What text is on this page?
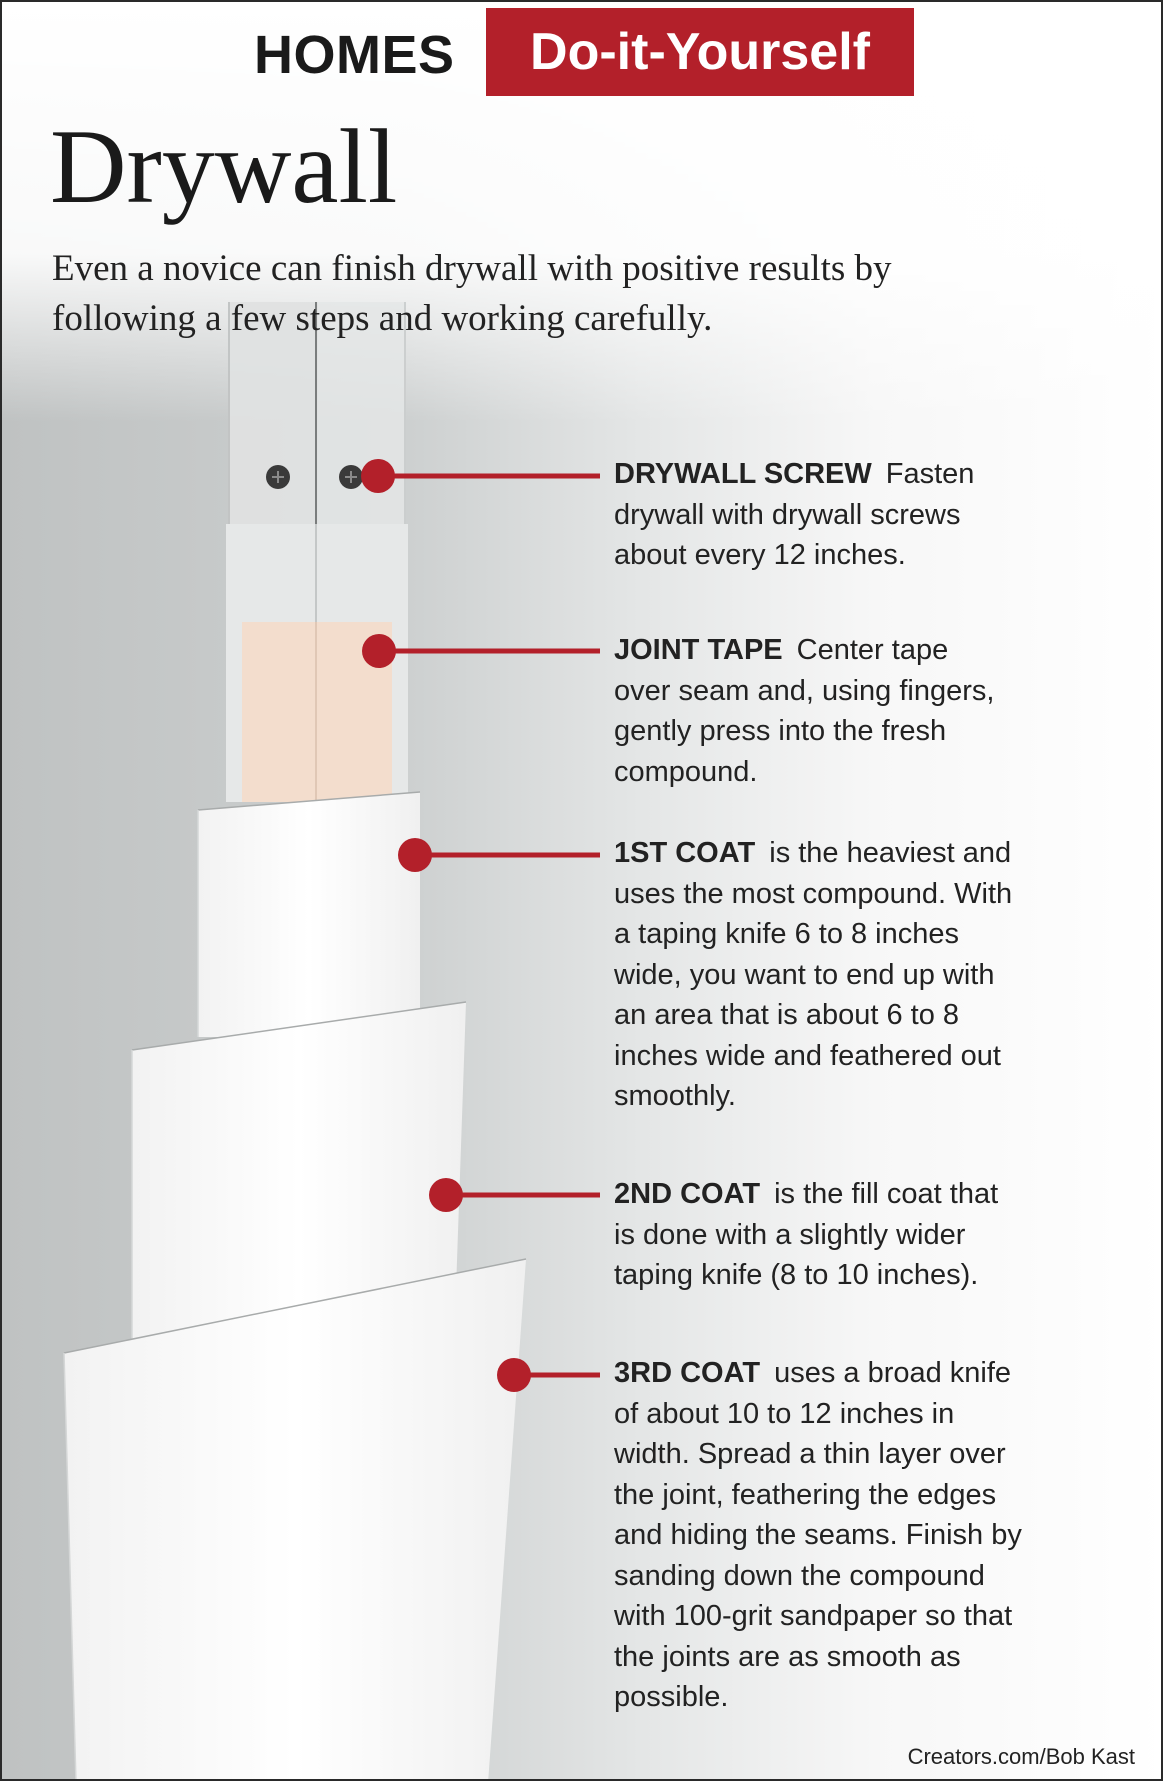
HOMES	Do-it-Yourself
Drywall
Even a novice can finish drywall with positive results by
following a few steps and working carefully.
DRYWALL SCREW Fasten
drywall with drywall screws
about every 12 inches.
JOINT TAPE Center tape
over seam and, using fingers,
gently press into the fresh
compound.
1ST COAT is the heaviest and
uses the most compound. With
a taping knife 6 to 8 inches
wide, you want to end up with
an area that is about 6 to 8
inches wide and feathered out
smoothly.
2ND COAT is the fill coat that
is done with a slightly wider
taping knife (8 to 10 inches).
3RD COAT uses a broad knife
of about 10 to 12 inches in
width. Spread a thin layer over
the joint, feathering the edges
and hiding the seams. Finish by
sanding down the compound
with 100-grit sandpaper so that
the joints are as smooth as
possible.
Creators.com/Bob Kast
